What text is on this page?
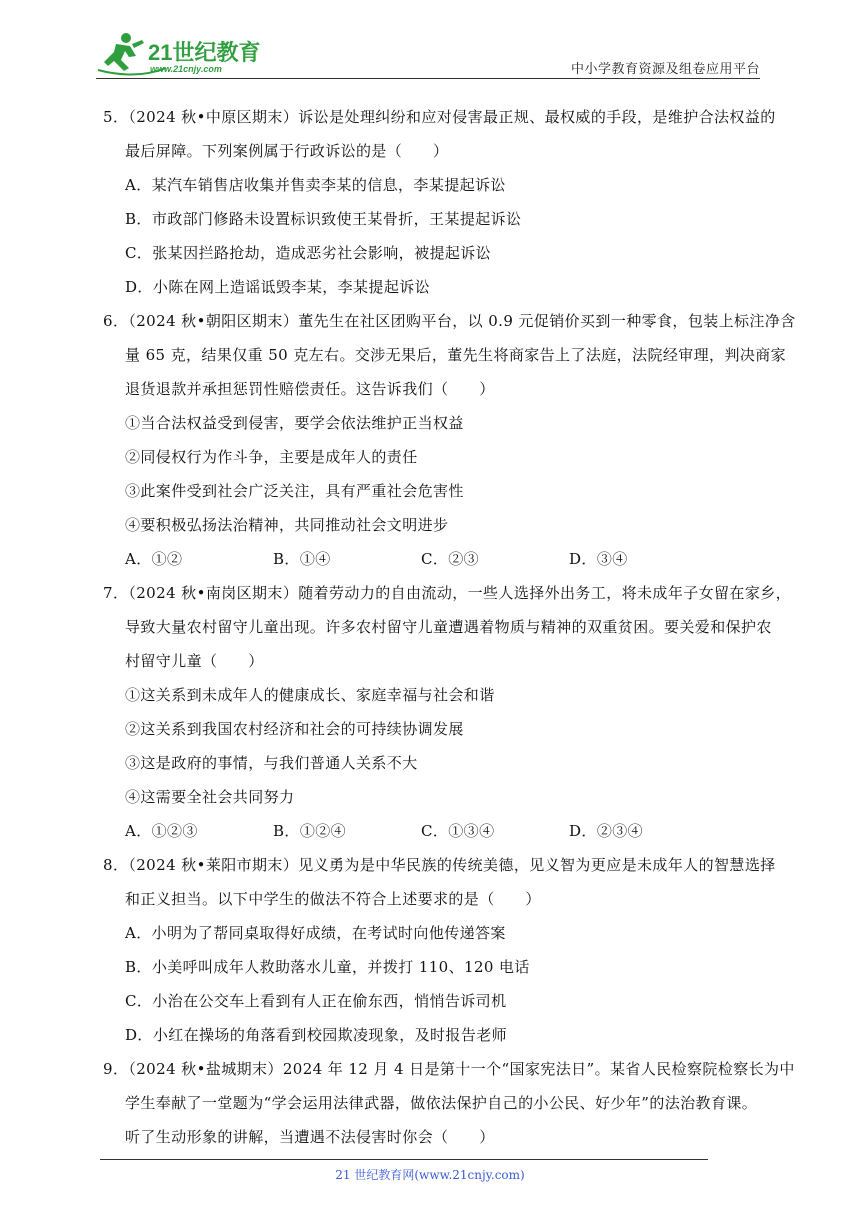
21世纪教育
www.21cnjy.com	中小学教育资源及组卷应用平台
5．（2024 秋•中原区期末）诉讼是处理纠纷和应对侵害最正规、最权威的手段，是维护合法权益的
最后屏障。下列案例属于行政诉讼的是（　　）
A．某汽车销售店收集并售卖李某的信息，李某提起诉讼
B．市政部门修路未设置标识致使王某骨折，王某提起诉讼
C．张某因拦路抢劫，造成恶劣社会影响，被提起诉讼
D．小陈在网上造谣诋毁李某，李某提起诉讼
6．（2024 秋•朝阳区期末）董先生在社区团购平台，以 0.9 元促销价买到一种零食，包装上标注净含
量 65 克，结果仅重 50 克左右。交涉无果后，董先生将商家告上了法庭，法院经审理，判决商家
退货退款并承担惩罚性赔偿责任。这告诉我们（　　）
①当合法权益受到侵害，要学会依法维护正当权益
②同侵权行为作斗争，主要是成年人的责任
③此案件受到社会广泛关注，具有严重社会危害性
④要积极弘扬法治精神，共同推动社会文明进步
A．①②	B．①④	C．②③	D．③④
7．（2024 秋•南岗区期末）随着劳动力的自由流动，一些人选择外出务工，将未成年子女留在家乡，
导致大量农村留守儿童出现。许多农村留守儿童遭遇着物质与精神的双重贫困。要关爱和保护农
村留守儿童（　　）
①这关系到未成年人的健康成长、家庭幸福与社会和谐
②这关系到我国农村经济和社会的可持续协调发展
③这是政府的事情，与我们普通人关系不大
④这需要全社会共同努力
A．①②③	B．①②④	C．①③④	D．②③④
8．（2024 秋•莱阳市期末）见义勇为是中华民族的传统美德，见义智为更应是未成年人的智慧选择
和正义担当。以下中学生的做法不符合上述要求的是（　　）
A．小明为了帮同桌取得好成绩，在考试时向他传递答案
B．小美呼叫成年人救助落水儿童，并拨打 110、120 电话
C．小治在公交车上看到有人正在偷东西，悄悄告诉司机
D．小红在操场的角落看到校园欺凌现象，及时报告老师
9．（2024 秋•盐城期末）2024 年 12 月 4 日是第十一个“国家宪法日”。某省人民检察院检察长为中
学生奉献了一堂题为“学会运用法律武器，做依法保护自己的小公民、好少年”的法治教育课。
听了生动形象的讲解，当遭遇不法侵害时你会（　　）
21 世纪教育网(www.21cnjy.com)
